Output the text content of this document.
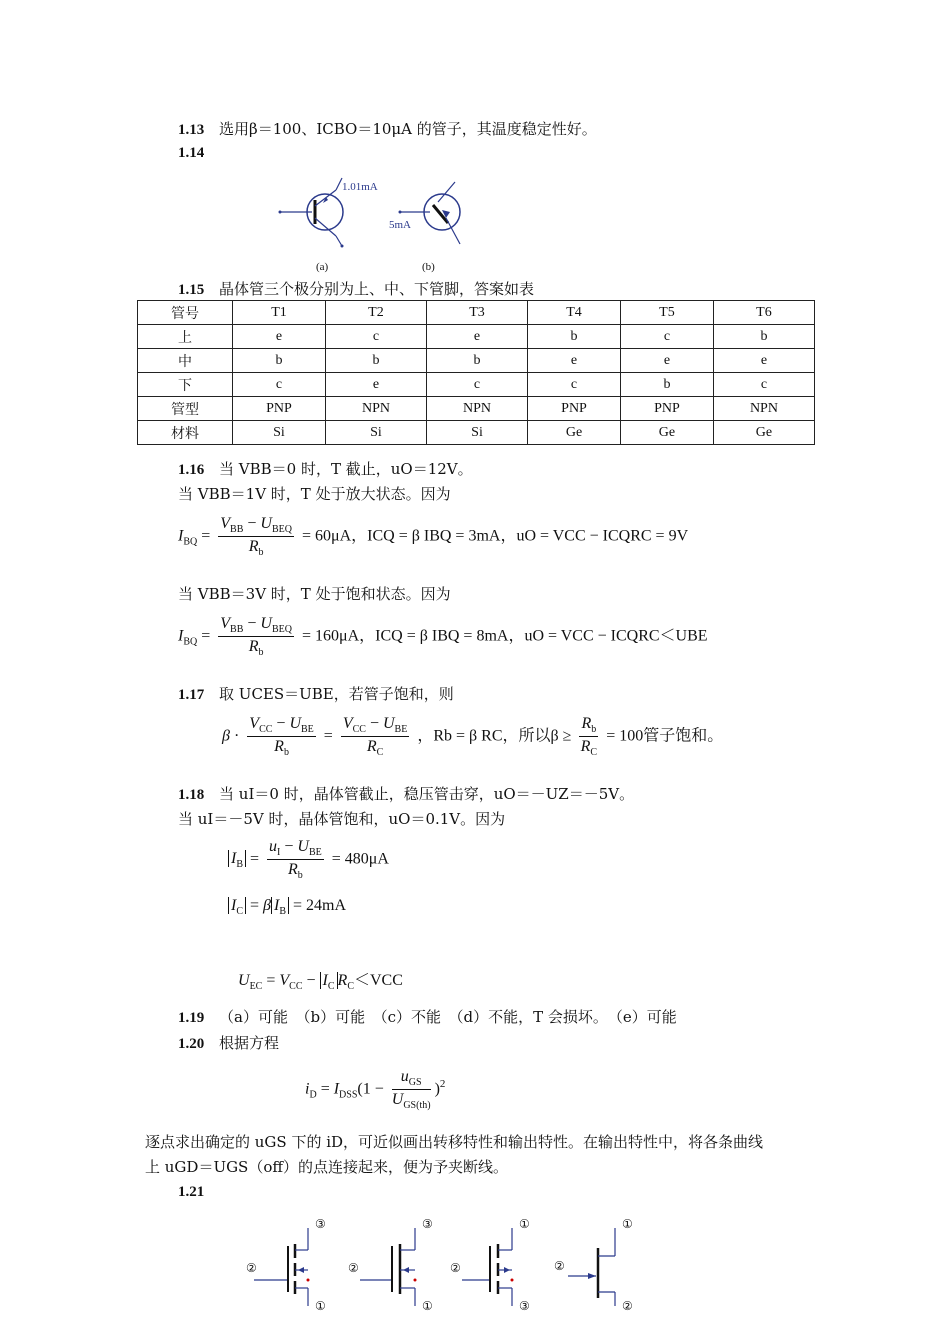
1.13 选用β＝100、ICBO＝10μA 的管子，其温度稳定性好。
1.14
1.01mA
(a)
5mA
(b)
1.15 晶体管三个极分别为上、中、下管脚，答案如表
管号	T1	T2	T3	T4	T5	T6
上	e	c	e	b	c	b
中	b	b	b	e	e	e
下	c	e	c	c	b	c
管型	PNP	NPN	NPN	PNP	PNP	NPN
材料	Si	Si	Si	Ge	Ge	Ge
1.16 当 VBB＝0 时，T 截止，uO＝12V。
当 VBB＝1V 时，T 处于放大状态。因为
$I_{BQ} = \frac{V_{BB} - U_{BEQ}}{R_b} = 60\mu A$，ICQ = β IBQ = 3mA，uO = VCC − ICQRC = 9V
当 VBB＝3V 时，T 处于饱和状态。因为
$I_{BQ} = \frac{V_{BB} - U_{BEQ}}{R_b} = 160\mu A$，ICQ = β IBQ = 8mA，uO = VCC − ICQRC＜UBE
1.17 取 UCES＝UBE，若管子饱和，则
$\beta \cdot \frac{V_{CC} - U_{BE}}{R_b} = \frac{V_{CC} - U_{BE}}{R_C}$ ，Rb = β RC，所以$\beta \ge \frac{R_b}{R_C} = 100$管子饱和。
1.18 当 uI＝0 时，晶体管截止，稳压管击穿，uO＝－UZ＝－5V。
当 uI＝－5V 时，晶体管饱和，uO＝0.1V。因为
$I_B = \frac{u_I - U_{BE}}{R_b} = 480\mu A$
$I_C = \beta$ $I_B = 24mA$
$U_{EC} = V_{CC} - I_C$ $R_C<VCC$
1.19 （a）可能　（b）可能　（c）不能　（d）不能，T 会损坏。　（e）可能
1.20 根据方程
$i_D = I_{DSS}(1 - \frac{u_{GS}}{U_{GS(th)}} )^2$
逐点求出确定的 uGS 下的 iD，可近似画出转移特性和输出特性。在输出特性中，将各条曲线
上 uGD＝UGS（off）的点连接起来，便为予夹断线。
1.21
③
②
①
③
②
①
①
②
③
①
②
②
